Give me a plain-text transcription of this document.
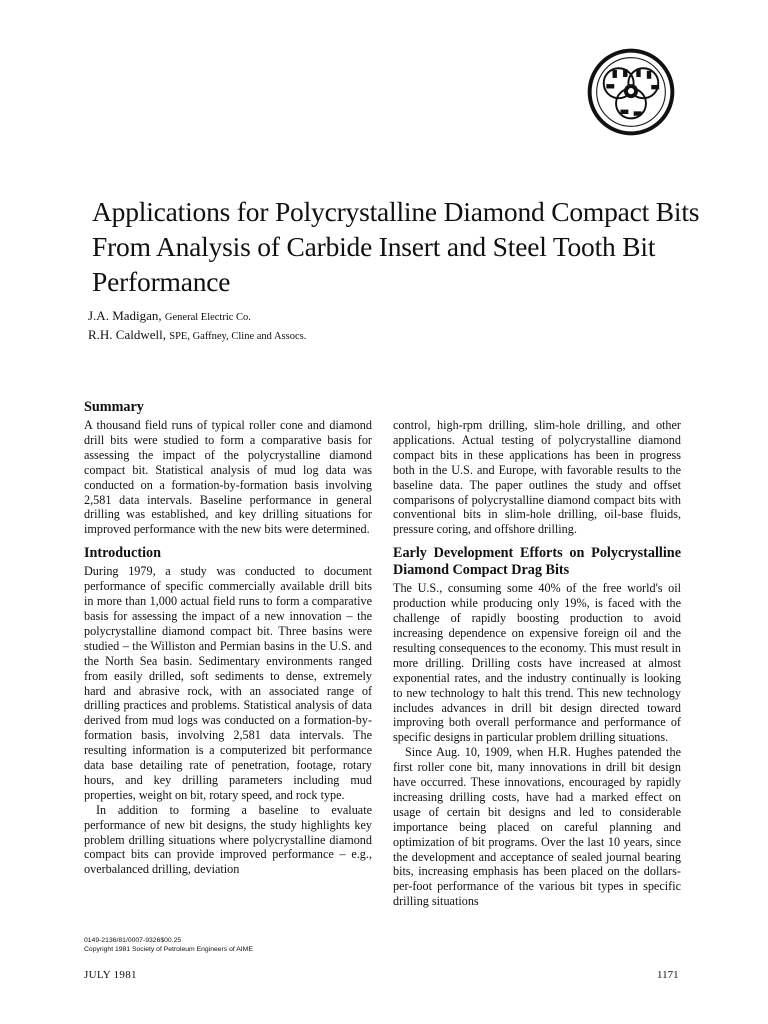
Applications for Polycrystalline Diamond Compact Bits From Analysis of Carbide Insert and Steel Tooth Bit Performance
J.A. Madigan, General Electric Co.
R.H. Caldwell, SPE, Gaffney, Cline and Assocs.
Summary

A thousand field runs of typical roller cone and diamond drill bits were studied to form a comparative basis for assessing the impact of the polycrystalline diamond compact bit. Statistical analysis of mud log data was conducted on a formation-by-formation basis involving 2,581 data intervals. Baseline performance in general drilling was established, and key drilling situations for improved performance with the new bits were determined.

Introduction

During 1979, a study was conducted to document performance of specific commercially available drill bits in more than 1,000 actual field runs to form a comparative basis for assessing the impact of a new innovation – the polycrystalline diamond compact bit. Three basins were studied – the Williston and Permian basins in the U.S. and the North Sea basin. Sedimentary environments ranged from easily drilled, soft sediments to dense, extremely hard and abrasive rock, with an associated range of drilling practices and problems. Statistical analysis of data derived from mud logs was conducted on a formation-by-formation basis, involving 2,581 data intervals. The resulting information is a computerized bit performance data base detailing rate of penetration, footage, rotary hours, and key drilling parameters including mud properties, weight on bit, rotary speed, and rock type.

In addition to forming a baseline to evaluate performance of new bit designs, the study highlights key problem drilling situations where polycrystalline diamond compact bits can provide improved performance – e.g., overbalanced drilling, deviation

control, high-rpm drilling, slim-hole drilling, and other applications. Actual testing of polycrystalline diamond compact bits in these applications has been in progress both in the U.S. and Europe, with favorable results to the baseline data. The paper outlines the study and offset comparisons of polycrystalline diamond compact bits with conventional bits in slim-hole drilling, oil-base fluids, pressure coring, and offshore drilling.

Early Development Efforts on Polycrystalline Diamond Compact Drag Bits

The U.S., consuming some 40% of the free world's oil production while producing only 19%, is faced with the challenge of rapidly boosting production to avoid increasing dependence on expensive foreign oil and the resulting consequences to the economy. This must result in more drilling. Drilling costs have increased at almost exponential rates, and the industry continually is looking to new technology to halt this trend. This new technology includes advances in drill bit design directed toward improving both overall performance and performance of specific designs in particular problem drilling situations.

Since Aug. 10, 1909, when H.R. Hughes patended the first roller cone bit, many innovations in drill bit design have occurred. These innovations, encouraged by rapidly increasing drilling costs, have had a marked effect on usage of certain bit designs and led to considerable importance being placed on careful planning and optimization of bit programs. Over the last 10 years, since the development and acceptance of sealed journal bearing bits, increasing emphasis has been placed on the dollars-per-foot performance of the various bit types in specific drilling situations

0149-2136/81/0007-9326$00.25
Copyright 1981 Society of Petroleum Engineers of AIME
JULY 1981	1171
